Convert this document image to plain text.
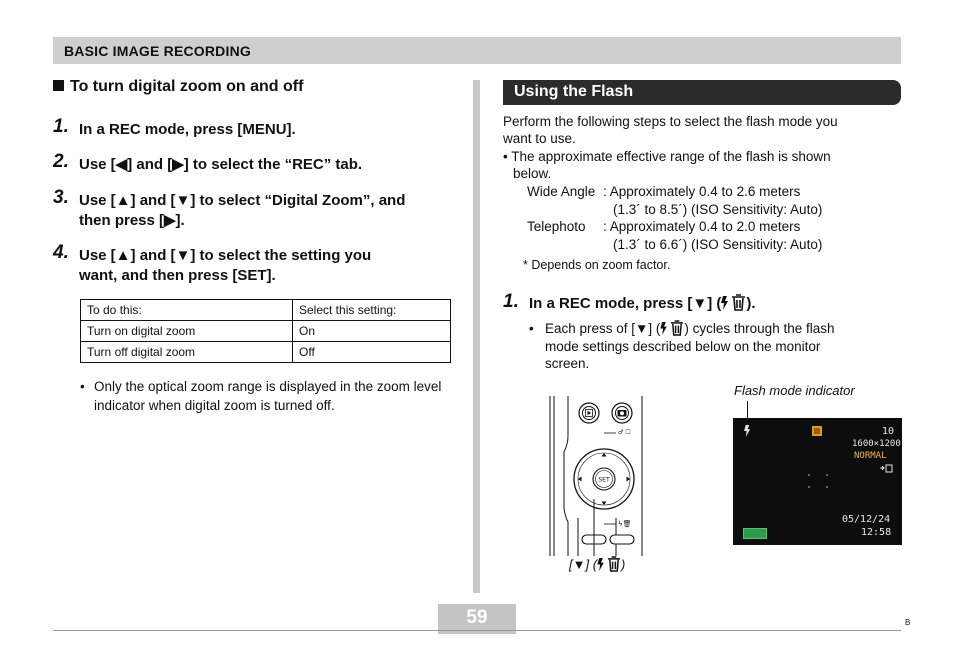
BASIC IMAGE RECORDING
To turn digital zoom on and off
1. In a REC mode, press [MENU].
2. Use [◀] and [▶] to select the “REC” tab.
3. Use [▲] and [▼] to select “Digital Zoom”, and
then press [▶].
4. Use [▲] and [▼] to select the setting you
want, and then press [SET].
To do this:	Select this setting:
Turn on digital zoom	On
Turn off digital zoom	Off
• Only the optical zoom range is displayed in the zoom level indicator when digital zoom is turned off.
Using the Flash
Perform the following steps to select the flash mode you
want to use.
• The approximate effective range of the flash is shown
below.
Wide Angle : Approximately 0.4 to 2.6 meters
(1.3´ to 8.5´) (ISO Sensitivity: Auto)
Telephoto : Approximately 0.4 to 2.0 meters
(1.3´ to 6.6´) (ISO Sensitivity: Auto)
* Depends on zoom factor.
1. In a REC mode, press [▼] ( ).
• Each press of [▼] ( ) cycles through the flash
mode settings described below on the monitor
screen.
Flash mode indicator
♂ ☐
SET
ϟ🗑
[▼] ( )
10
1600×1200
NORMAL
05/12/24
12:58
59	B
